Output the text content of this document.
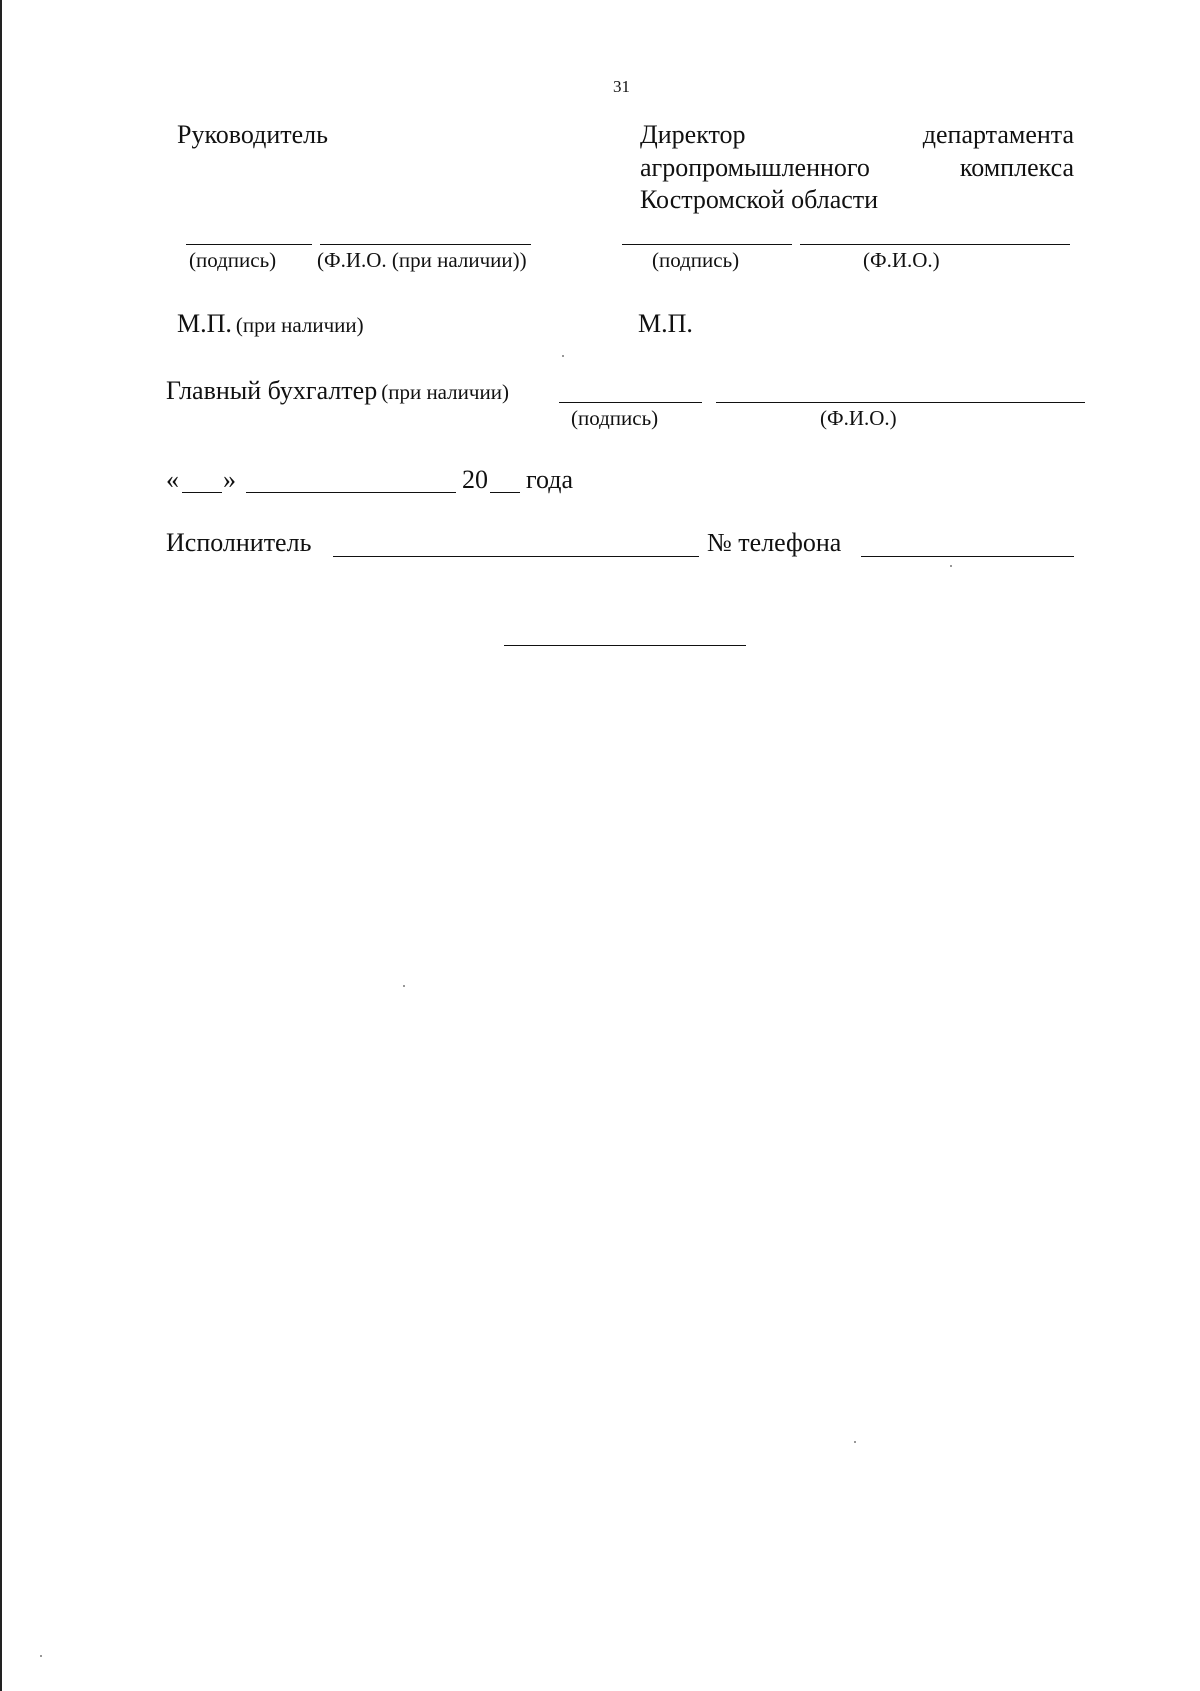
31
Руководитель
(подпись) (Ф.И.О. (при наличии))
М.П. (при наличии)
Директор	департамента
агропромышленного	комплекса
Костромской области
(подпись)	(Ф.И.О.)
М.П.
Главный бухгалтер (при наличии)
(подпись)	(Ф.И.О.)
« »	20 года
Исполнитель	№ телефона
